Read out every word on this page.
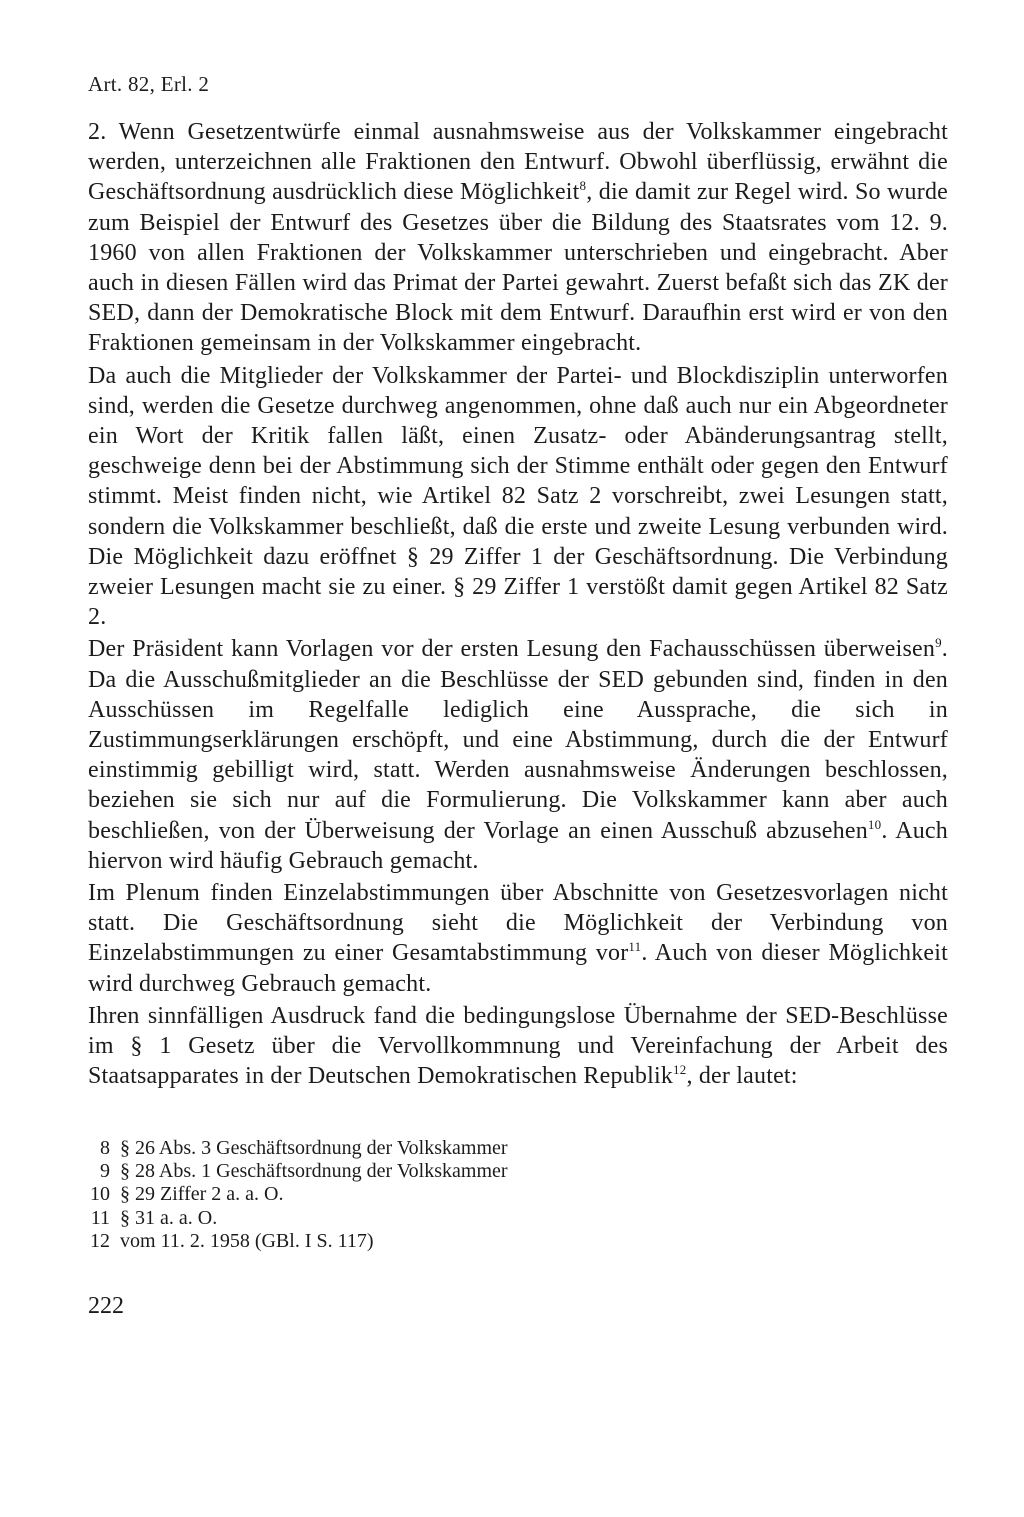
Art. 82, Erl. 2

2. Wenn Gesetzentwürfe einmal ausnahmsweise aus der Volkskammer eingebracht werden, unterzeichnen alle Fraktionen den Entwurf. Obwohl überflüssig, erwähnt die Geschäftsordnung ausdrücklich diese Möglichkeit$^8$, die damit zur Regel wird. So wurde zum Beispiel der Entwurf des Gesetzes über die Bildung des Staatsrates vom 12. 9. 1960 von allen Fraktionen der Volkskammer unterschrieben und eingebracht. Aber auch in diesen Fällen wird das Primat der Partei gewahrt. Zuerst befaßt sich das ZK der SED, dann der Demokratische Block mit dem Entwurf. Daraufhin erst wird er von den Fraktionen gemeinsam in der Volkskammer eingebracht.

Da auch die Mitglieder der Volkskammer der Partei- und Blockdisziplin unterworfen sind, werden die Gesetze durchweg angenommen, ohne daß auch nur ein Abgeordneter ein Wort der Kritik fallen läßt, einen Zusatz- oder Abänderungsantrag stellt, geschweige denn bei der Abstimmung sich der Stimme enthält oder gegen den Entwurf stimmt. Meist finden nicht, wie Artikel 82 Satz 2 vorschreibt, zwei Lesungen statt, sondern die Volkskammer beschließt, daß die erste und zweite Lesung verbunden wird. Die Möglichkeit dazu eröffnet § 29 Ziffer 1 der Geschäftsordnung. Die Verbindung zweier Lesungen macht sie zu einer. § 29 Ziffer 1 verstößt damit gegen Artikel 82 Satz 2.

Der Präsident kann Vorlagen vor der ersten Lesung den Fachausschüssen überweisen$^9$. Da die Ausschußmitglieder an die Beschlüsse der SED gebunden sind, finden in den Ausschüssen im Regelfalle lediglich eine Aussprache, die sich in Zustimmungserklärungen erschöpft, und eine Abstimmung, durch die der Entwurf einstimmig gebilligt wird, statt. Werden ausnahmsweise Änderungen beschlossen, beziehen sie sich nur auf die Formulierung. Die Volkskammer kann aber auch beschließen, von der Überweisung der Vorlage an einen Ausschuß abzusehen$^{10}$. Auch hiervon wird häufig Gebrauch gemacht.

Im Plenum finden Einzelabstimmungen über Abschnitte von Gesetzesvorlagen nicht statt. Die Geschäftsordnung sieht die Möglichkeit der Verbindung von Einzelabstimmungen zu einer Gesamtabstimmung vor$^{11}$. Auch von dieser Möglichkeit wird durchweg Gebrauch gemacht.

Ihren sinnfälligen Ausdruck fand die bedingungslose Übernahme der SED-Beschlüsse im § 1 Gesetz über die Vervollkommnung und Vereinfachung der Arbeit des Staatsapparates in der Deutschen Demokratischen Republik$^{12}$, der lautet:

8 § 26 Abs. 3 Geschäftsordnung der Volkskammer
9 § 28 Abs. 1 Geschäftsordnung der Volkskammer
10 § 29 Ziffer 2 a. a. O.
11 § 31 a. a. O.
12 vom 11. 2. 1958 (GBl. I S. 117)
222
